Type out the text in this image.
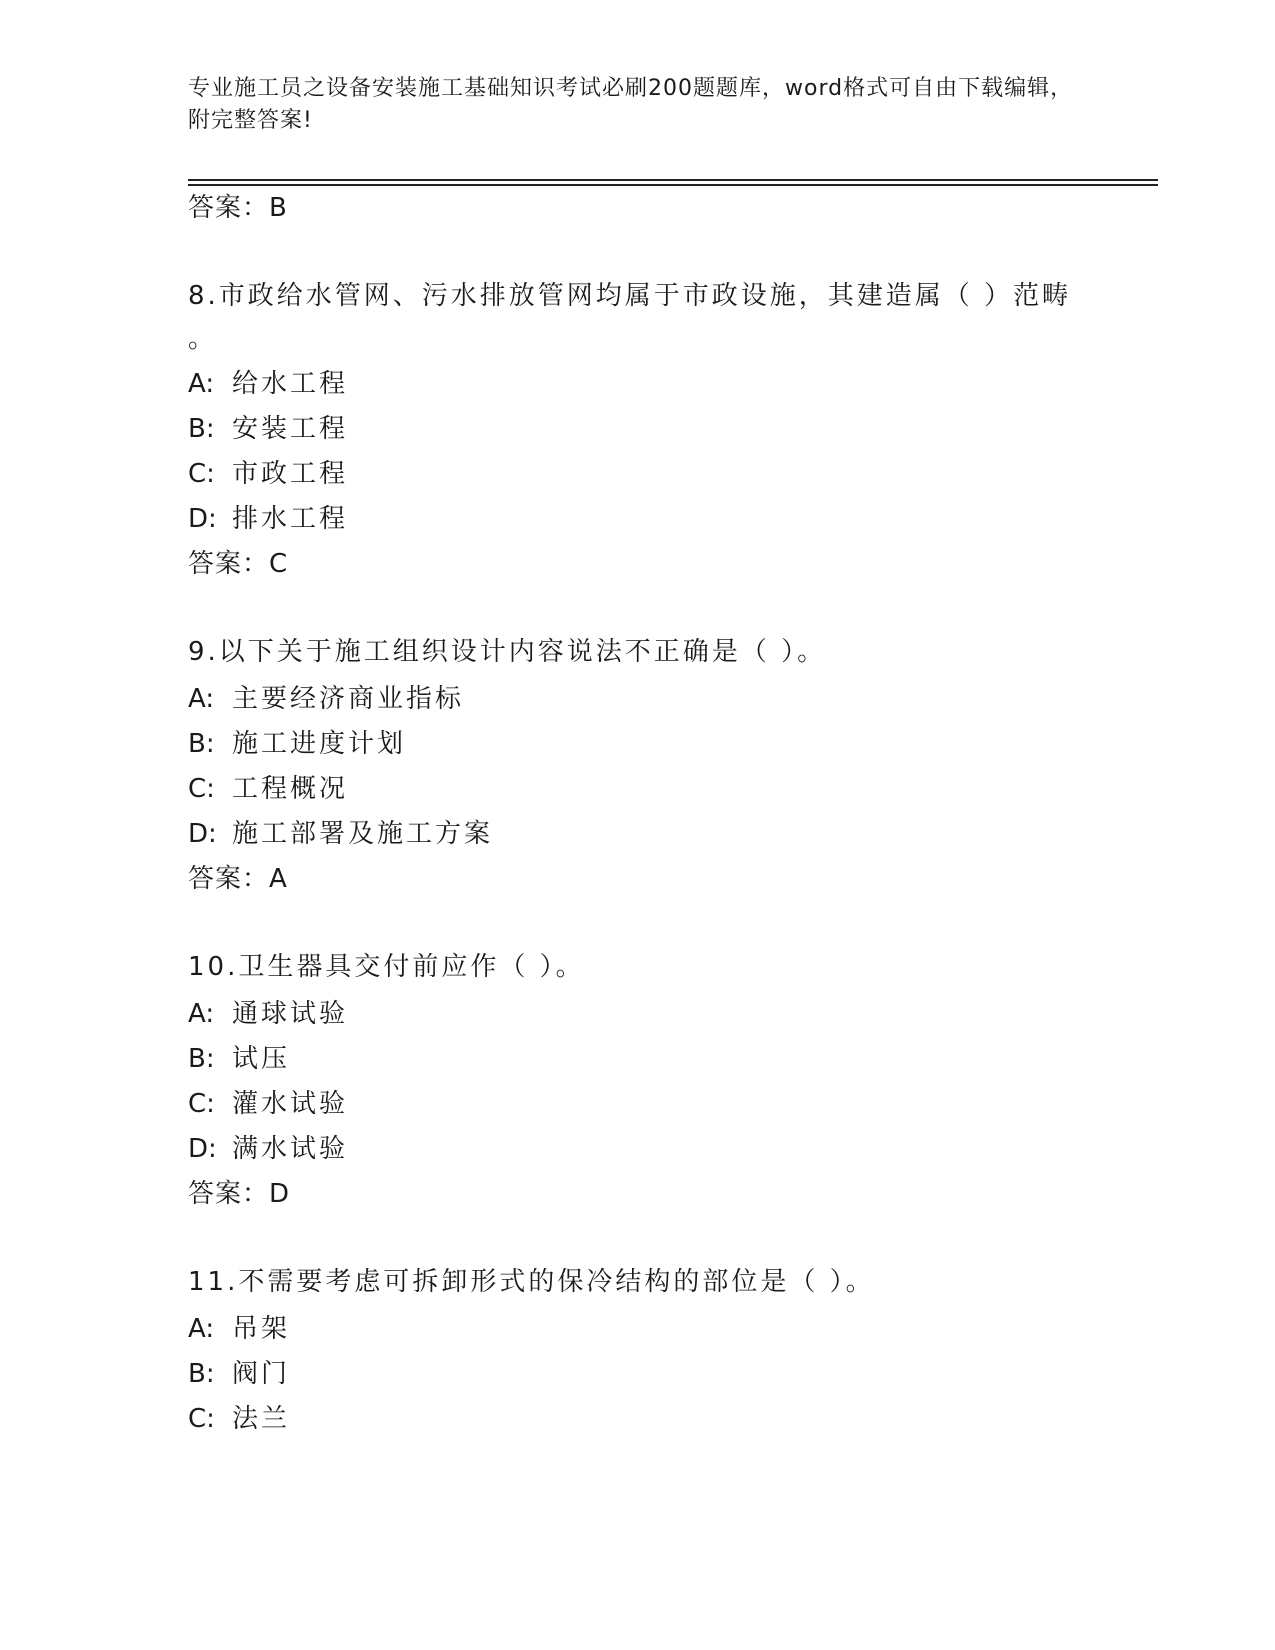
专业施工员之设备安装施工基础知识考试必刷200题题库，word格式可自由下载编辑，附完整答案!
答案：B
8.市政给水管网、污水排放管网均属于市政设施，其建造属（ ）范畴
。
A: 给水工程
B: 安装工程
C: 市政工程
D: 排水工程
答案：C
9.以下关于施工组织设计内容说法不正确是（ ）。
A: 主要经济商业指标
B: 施工进度计划
C: 工程概况
D: 施工部署及施工方案
答案：A
10.卫生器具交付前应作（ ）。
A: 通球试验
B: 试压
C: 灌水试验
D: 满水试验
答案：D
11.不需要考虑可拆卸形式的保冷结构的部位是（ ）。
A: 吊架
B: 阀门
C: 法兰
